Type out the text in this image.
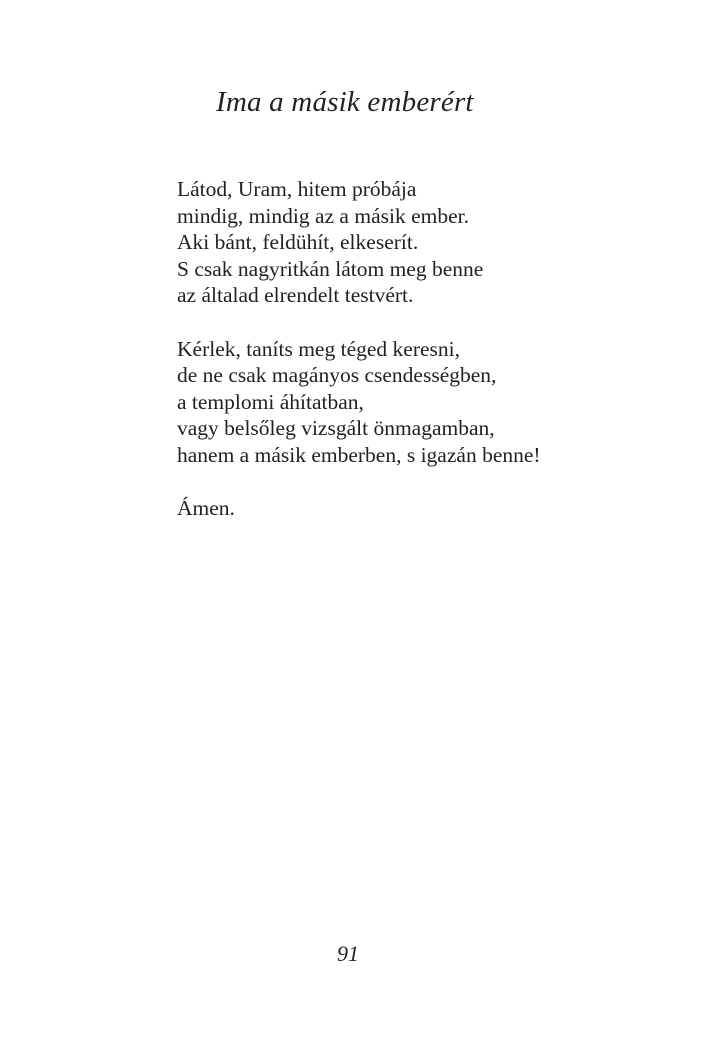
Ima a másik emberért

Látod, Uram, hitem próbája
mindig, mindig az a másik ember.
Aki bánt, feldühít, elkeserít.
S csak nagyritkán látom meg benne
az általad elrendelt testvért.

Kérlek, taníts meg téged keresni,
de ne csak magányos csendességben,
a templomi áhítatban,
vagy belsőleg vizsgált önmagamban,
hanem a másik emberben, s igazán benne!

Ámen.

91
